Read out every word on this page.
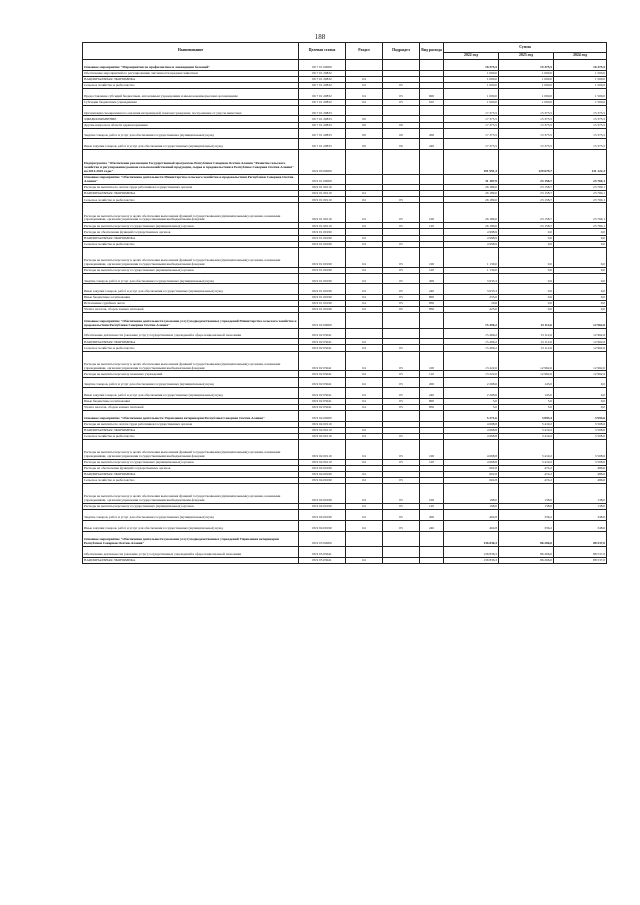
188
Наименование	Целевая статья	Раздел	Подраздел	Вид расхода	Сумма		
					2022 год	2023 год	2024 год
Основное мероприятие "Мероприятия по профилактике и ликвидации болезней"	06 7 01 00000				18 375,5	15 375,5	16 375,5
Обеспечение мероприятий по регулированию численности вредных животных	06 7 01 20832				1 000,0	1 000,0	1 500,0
НАЦИОНАЛЬНАЯ ЭКОНОМИКА	06 7 01 20832	04			1 000,0	1 000,0	1 500,0
Сельское хозяйство и рыболовство	06 7 01 20832	04	05		1 000,0	1 000,0	1 500,0
Предоставление субсидий бюджетным, автономным учреждениям и иным некоммерческим организациям	06 7 01 20832	04	05	600	1 000,0	1 000,0	1 500,0
Субсидии бюджетным учреждениям	06 7 01 20832	04	05	610	1 000,0	1 000,0	1 500,0
Организация своевременного оказания ветеринарной помощи гражданам, построенным от укусов животных	06 7 01 20833				17 375,5	15 375,5	15 375,5
ЗДРАВООХРАНЕНИЕ	06 7 01 20833	09			17 375,5	15 375,5	15 375,5
Другие вопросы в области здравоохранения	06 7 01 20833	09	09		17 375,5	15 375,5	15 375,5
Закупка товаров, работ и услуг для обеспечения государственных (муниципальных) нужд	06 7 01 20833	09	09	200	17 375,5	15 375,5	15 375,5
Иные закупки товаров, работ и услуг для обеспечения государственных (муниципальных) нужд	06 7 01 20833	09	09	240	17 375,5	15 375,5	15 375,5
Подпрограмма "Обеспечение реализации Государственной программы Республики Северная Осетия-Алания "Развитие сельского хозяйства и регулирование рынков сельскохозяйственной продукции, сырья и продовольствия в Республике Северная Осетия-Алания" на 2014-2025 годы"	06 9 00 00000				191 991,3	129 679,7	131 122,3
Основное мероприятие "Обеспечение деятельности Министерства сельского хозяйства и продовольствия Республики Северная Осетия-Алания"	06 9 01 00000				31 187,9	23 158,7	23 760,1
Расходы на выплаты по оплате труда работников государственных органов	06 9 01 00110				26 189,0	23 158,7	23 760,1
НАЦИОНАЛЬНАЯ ЭКОНОМИКА	06 9 01 00110	04			26 189,0	23 158,7	23 760,1
Сельское хозяйство и рыболовство	06 9 01 00110	04	05		26 189,0	23 158,7	23 760,1
Расходы на выплаты персоналу в целях обеспечения выполнения функций государственными (муниципальными) органами, казенными учреждениями, органами управления государственными внебюджетными фондами	06 9 01 00110	04	05	100	26 189,0	23 158,7	23 760,1
Расходы на выплаты персоналу государственных (муниципальных) органов	06 9 01 00110	04	05	120	26 189,0	23 158,7	23 760,1
Расходы на обеспечение функций государственных органов	06 9 01 00190				4 998,9	0,0	0,0
НАЦИОНАЛЬНАЯ ЭКОНОМИКА	06 9 01 00190	04			4 998,9	0,0	0,0
Сельское хозяйство и рыболовство	06 9 01 00190	04	05		4 998,9	0,0	0,0
Расходы на выплаты персоналу в целях обеспечения выполнения функций государственными (муниципальными) органами, казенными учреждениями, органами управления государственными внебюджетными фондами	06 9 01 00190	04	05	100	1 130,0	0,0	0,0
Расходы на выплаты персоналу государственных (муниципальных) органов	06 9 01 00190	04	05	120	1 130,0	0,0	0,0
Закупка товаров, работ и услуг для обеспечения государственных (муниципальных) нужд	06 9 01 00190	04	05	200	3 633,3	0,0	0,0
Иные закупки товаров, работ и услуг для обеспечения государственных (муниципальных) нужд	06 9 01 00190	04	05	240	3 633,3	0,0	0,0
Иные бюджетные ассигнования	06 9 01 00190	04	05	800	235,6	0,0	0,0
Исполнение судебных актов	06 9 01 00190	04	05	830	10,6	0,0	0,0
Уплата налогов, сборов и иных платежей	06 9 01 00190	04	05	850	225,0	0,0	0,0
Основное мероприятие "Обеспечение деятельности (оказание услуг) подведомственных учреждений Министерства сельского хозяйства и продовольствия Республики Северная Осетия-Алания"	06 9 02 00000				15 496,2	13 112,6	12 962,6
Обеспечение деятельности (оказание услуг) государственных учреждений в сфере национальной экономики	06 9 02 05041				15 496,2	13 112,6	12 962,6
НАЦИОНАЛЬНАЯ ЭКОНОМИКА	06 9 02 05041	04			15 496,2	13 112,6	12 962,6
Сельское хозяйство и рыболовство	06 9 02 05041	04	05		15 496,2	13 112,6	12 962,6
Расходы на выплаты персоналу в целях обеспечения выполнения функций государственными (муниципальными) органами, казенными учреждениями, органами управления государственными внебюджетными фондами	06 9 02 05041	04	05	100	13 222,6	12 962,6	12 962,6
Расходы на выплаты персоналу казенных учреждений	06 9 02 05041	04	05	110	13 222,6	12 962,6	12 962,6
Закупка товаров, работ и услуг для обеспечения государственных (муниципальных) нужд	06 9 02 05041	04	05	200	2 268,6	145,0	0,0
Иные закупки товаров, работ и услуг для обеспечения государственных (муниципальных) нужд	06 9 02 05041	04	05	240	2 268,6	145,0	0,0
Иные бюджетные ассигнования	06 9 02 05041	04	05	800	5,0	5,0	0,0
Уплата налогов, сборов и иных платежей	06 9 02 05041	04	05	850	5,0	5,0	0,0
Основное мероприятие "Обеспечение деятельности Управления ветеринарии Республики Северная Осетия-Алания"	06 9 04 00000				5 271,6	3 893,4	3 994,6
Расходы на выплаты по оплате труда работников государственных органов	06 9 04 00110				4 668,8	3 419,2	3 508,0
НАЦИОНАЛЬНАЯ ЭКОНОМИКА	06 9 04 00110	04			4 668,8	3 419,2	3 508,0
Сельское хозяйство и рыболовство	06 9 04 00110	04	05		4 668,8	3 419,2	3 508,0
Расходы на выплаты персоналу в целях обеспечения выполнения функций государственными (муниципальными) органами, казенными учреждениями, органами управления государственными внебюджетными фондами	06 9 04 00110	04	05	100	4 668,8	3 419,2	3 508,0
Расходы на выплаты персоналу государственных (муниципальных) органов	06 9 04 00110	04	05	120	4 668,8	3 419,2	3 508,0
Расходы на обеспечение функций государственных органов	06 9 04 00190				602,8	474,2	486,6
НАЦИОНАЛЬНАЯ ЭКОНОМИКА	06 9 04 00190	04			602,8	474,2	486,6
Сельское хозяйство и рыболовство	06 9 04 00190	04	05		602,8	474,2	486,6
Расходы на выплаты персоналу в целях обеспечения выполнения функций государственными (муниципальными) органами, казенными учреждениями, органами управления государственными внебюджетными фондами	06 9 04 00190	04	05	100	198,0	138,0	138,0
Расходы на выплаты персоналу государственных (муниципальных) органов	06 9 04 00190	04	05	120	198,0	138,0	138,0
Закупка товаров, работ и услуг для обеспечения государственных (муниципальных) нужд	06 9 04 00190	04	05	200	404,8	336,2	348,6
Иные закупки товаров, работ и услуг для обеспечения государственных (муниципальных) нужд	06 9 04 00190	04	05	240	404,8	336,2	348,6
Основное мероприятие "Обеспечение деятельности (оказание услуг) подведомственных учреждений Управления ветеринарии Республики Северная Осетия-Алания"	06 9 05 00000				136 836,3	86 206,0	88 537,0
Обеспечение деятельности (оказание услуг) государственных учреждений в сфере национальной экономики	06 9 05 05041				136 836,3	86 206,0	88 537,0
НАЦИОНАЛЬНАЯ ЭКОНОМИКА	06 9 05 05041	04			136 836,3	86 206,0	88 537,0
